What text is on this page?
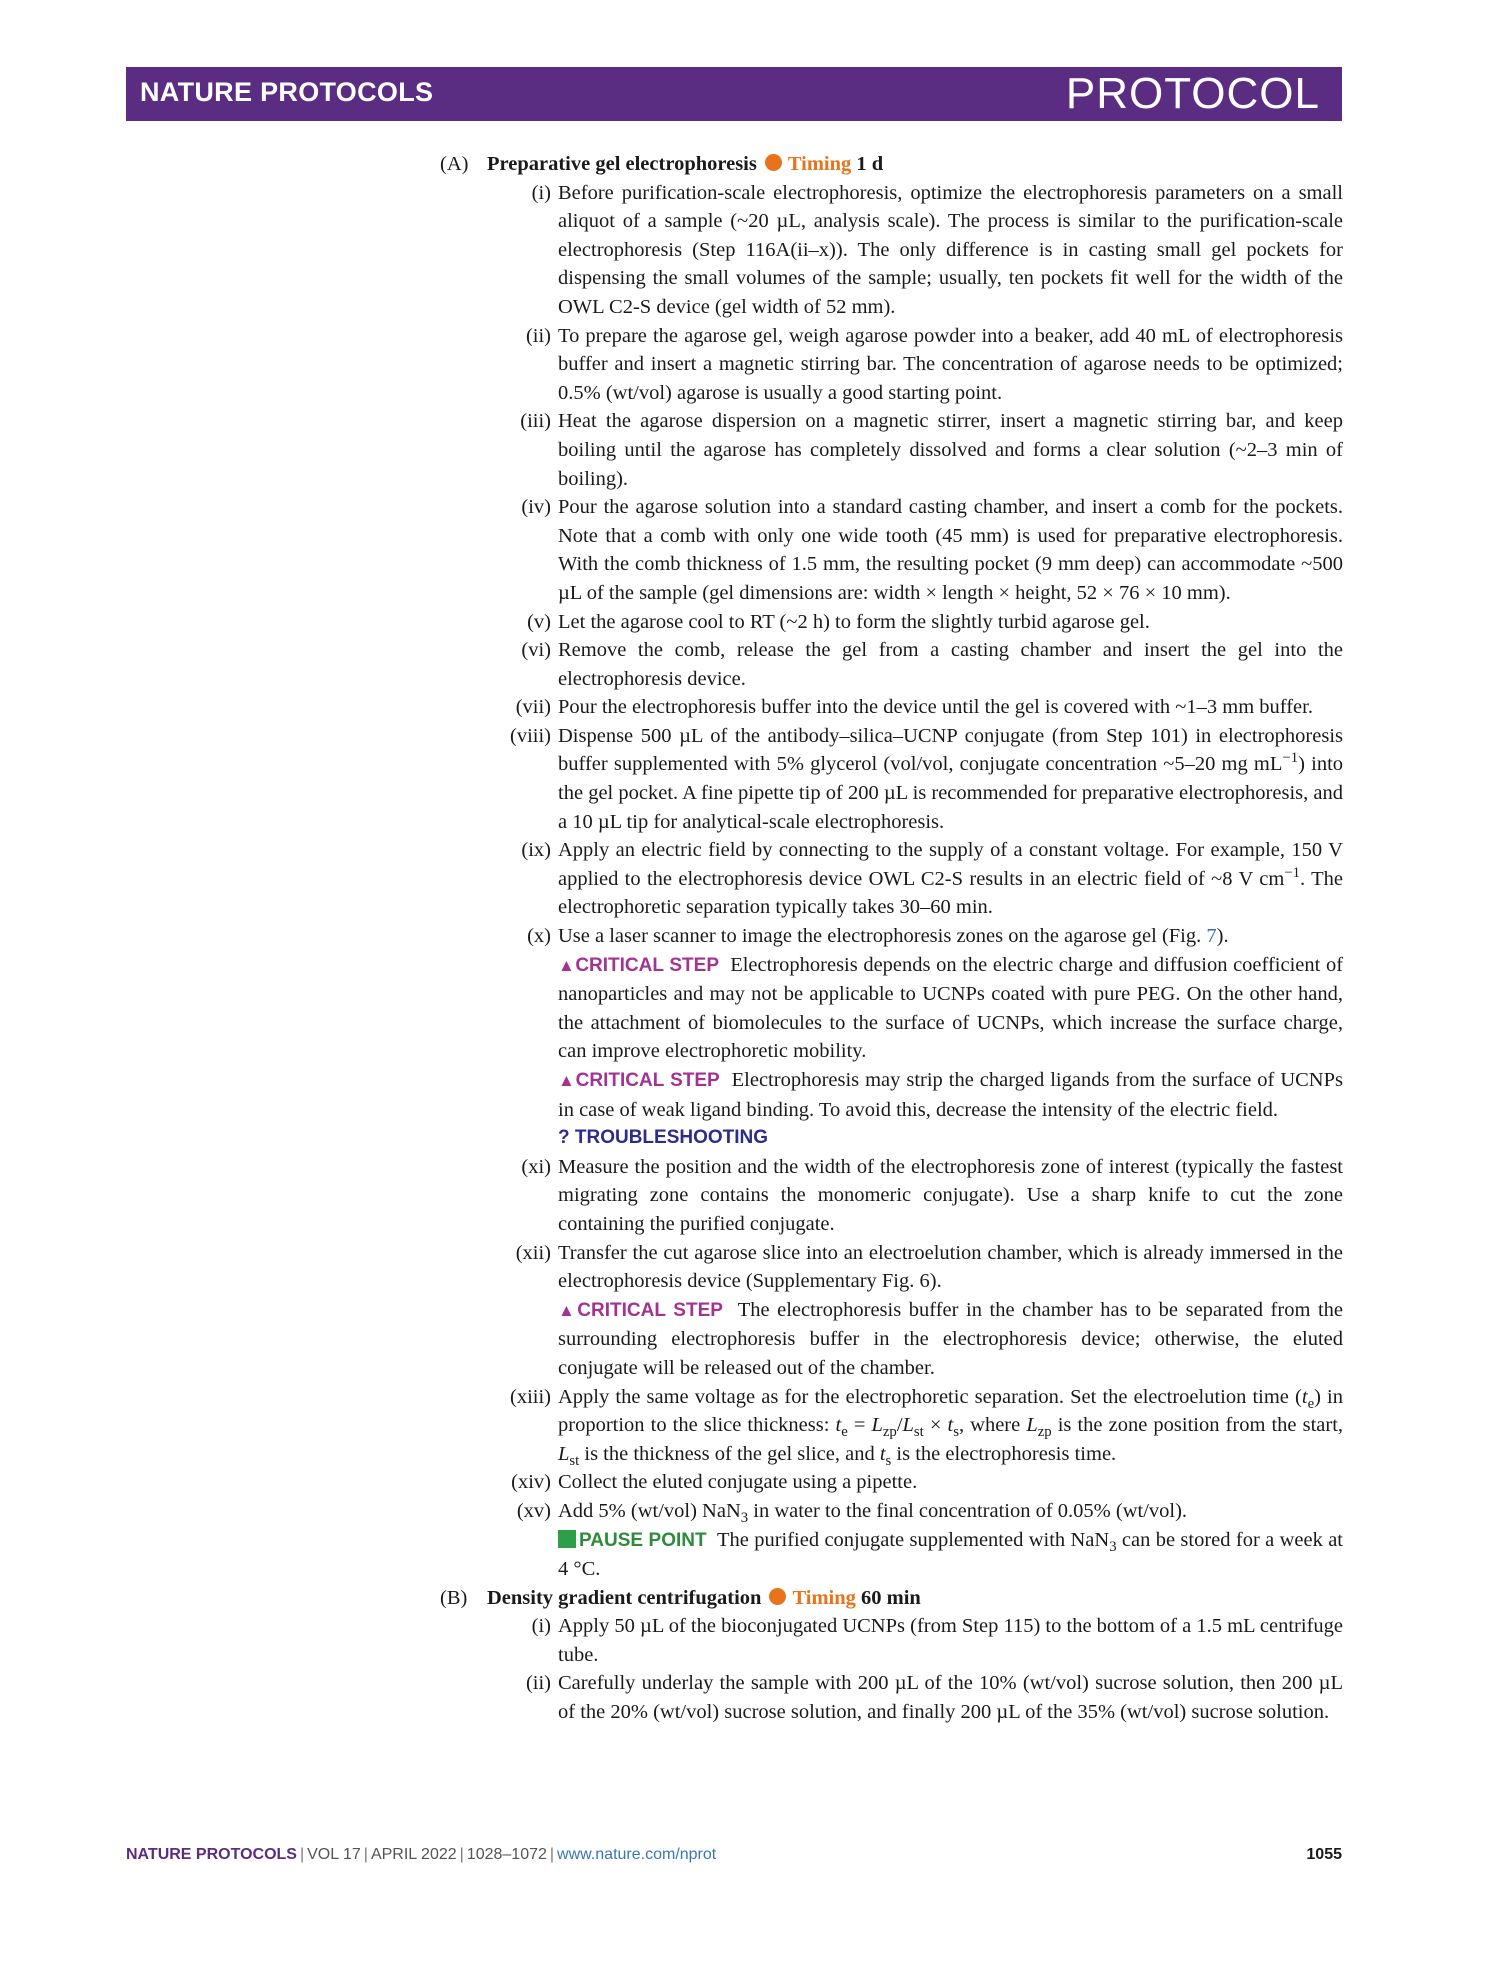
NATURE PROTOCOLS	PROTOCOL
(A) Preparative gel electrophoresis Timing 1 d
(i) Before purification-scale electrophoresis, optimize the electrophoresis parameters on a small aliquot of a sample (~20 µL, analysis scale). The process is similar to the purification-scale electrophoresis (Step 116A(ii–x)). The only difference is in casting small gel pockets for dispensing the small volumes of the sample; usually, ten pockets fit well for the width of the OWL C2-S device (gel width of 52 mm).
(ii) To prepare the agarose gel, weigh agarose powder into a beaker, add 40 mL of electrophoresis buffer and insert a magnetic stirring bar. The concentration of agarose needs to be optimized; 0.5% (wt/vol) agarose is usually a good starting point.
(iii) Heat the agarose dispersion on a magnetic stirrer, insert a magnetic stirring bar, and keep boiling until the agarose has completely dissolved and forms a clear solution (~2–3 min of boiling).
(iv) Pour the agarose solution into a standard casting chamber, and insert a comb for the pockets. Note that a comb with only one wide tooth (45 mm) is used for preparative electrophoresis. With the comb thickness of 1.5 mm, the resulting pocket (9 mm deep) can accommodate ~500 µL of the sample (gel dimensions are: width × length × height, 52 × 76 × 10 mm).
(v) Let the agarose cool to RT (~2 h) to form the slightly turbid agarose gel.
(vi) Remove the comb, release the gel from a casting chamber and insert the gel into the electrophoresis device.
(vii) Pour the electrophoresis buffer into the device until the gel is covered with ~1–3 mm buffer.
(viii) Dispense 500 µL of the antibody–silica–UCNP conjugate (from Step 101) in electrophoresis buffer supplemented with 5% glycerol (vol/vol, conjugate concentration ~5–20 mg $mL^{-1}$) into the gel pocket. A fine pipette tip of 200 µL is recommended for preparative electrophoresis, and a 10 µL tip for analytical-scale electrophoresis.
(ix) Apply an electric field by connecting to the supply of a constant voltage. For example, 150 V applied to the electrophoresis device OWL C2-S results in an electric field of ~8 V $cm^{-1}$. The electrophoretic separation typically takes 30–60 min.
(x) Use a laser scanner to image the electrophoresis zones on the agarose gel (Fig. 7).
▲CRITICAL STEP Electrophoresis depends on the electric charge and diffusion coefficient of nanoparticles and may not be applicable to UCNPs coated with pure PEG. On the other hand, the attachment of biomolecules to the surface of UCNPs, which increase the surface charge, can improve electrophoretic mobility.
▲CRITICAL STEP Electrophoresis may strip the charged ligands from the surface of UCNPs in case of weak ligand binding. To avoid this, decrease the intensity of the electric field.
? TROUBLESHOOTING
(xi) Measure the position and the width of the electrophoresis zone of interest (typically the fastest migrating zone contains the monomeric conjugate). Use a sharp knife to cut the zone containing the purified conjugate.
(xii) Transfer the cut agarose slice into an electroelution chamber, which is already immersed in the electrophoresis device (Supplementary Fig. 6).
▲CRITICAL STEP The electrophoresis buffer in the chamber has to be separated from the surrounding electrophoresis buffer in the electrophoresis device; otherwise, the eluted conjugate will be released out of the chamber.
(xiii) Apply the same voltage as for the electrophoretic separation. Set the electroelution time $(t_e)$ in proportion to the slice thickness: $t_e = L_{zp}/L_{st} \times t_s$, where $L_{zp}$ is the zone position from the start, $L_{st}$ is the thickness of the gel slice, and $t_s$ is the electrophoresis time.
(xiv) Collect the eluted conjugate using a pipette.
(xv) Add 5% (wt/vol) NaN$_3$ in water to the final concentration of 0.05% (wt/vol).
PAUSE POINT The purified conjugate supplemented with NaN$_3$ can be stored for a week at 4 °C.
(B) Density gradient centrifugation Timing 60 min
(i) Apply 50 µL of the bioconjugated UCNPs (from Step 115) to the bottom of a 1.5 mL centrifuge tube.
(ii) Carefully underlay the sample with 200 µL of the 10% (wt/vol) sucrose solution, then 200 µL of the 20% (wt/vol) sucrose solution, and finally 200 µL of the 35% (wt/vol) sucrose solution.
NATURE PROTOCOLS | VOL 17 | APRIL 2022 | 1028–1072 | www.nature.com/nprot	1055
